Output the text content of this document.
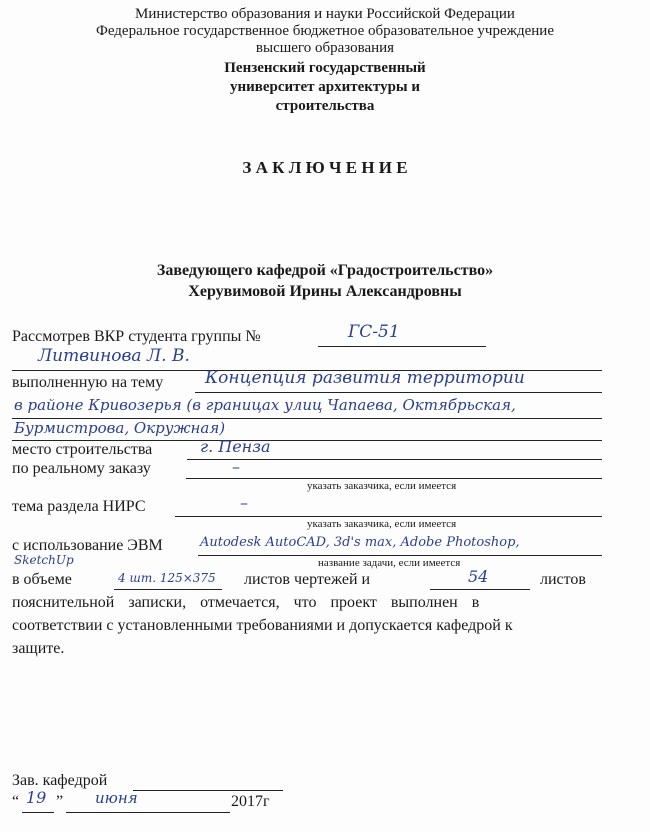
Министерство образования и науки Российской Федерации
Федеральное государственное бюджетное образовательное учреждение
высшего образования
Пензенский государственный
университет архитектуры и
строительства
З А К Л Ю Ч Е Н И Е
Заведующего кафедрой «Градостроительство»
Херувимовой Ирины Александровны
Рассмотрев ВКР студента группы №	ГС-51
Литвинова Л. В.
выполненную на тему Концепция развития территории
в районе Кривозерья (в границах улиц Чапаева, Октябрьская,
Бурмистрова, Окружная)
место строительства	г. Пенза
по реальному заказу	–
указать заказчика, если имеется
тема раздела НИРС	–
указать заказчика, если имеется
с использование ЭВМ	Autodesk AutoCAD, 3d's max, Adobe Photoshop,
SketchUp	название задачи, если имеется
в объеме	4 шт. 125×375 листов чертежей и	54	листов
пояснительной записки, отмечается, что проект выполнен в
соответствии с установленными требованиями и допускается кафедрой к
защите.
Зав. кафедрой
“ 19 ” июня	2017г
